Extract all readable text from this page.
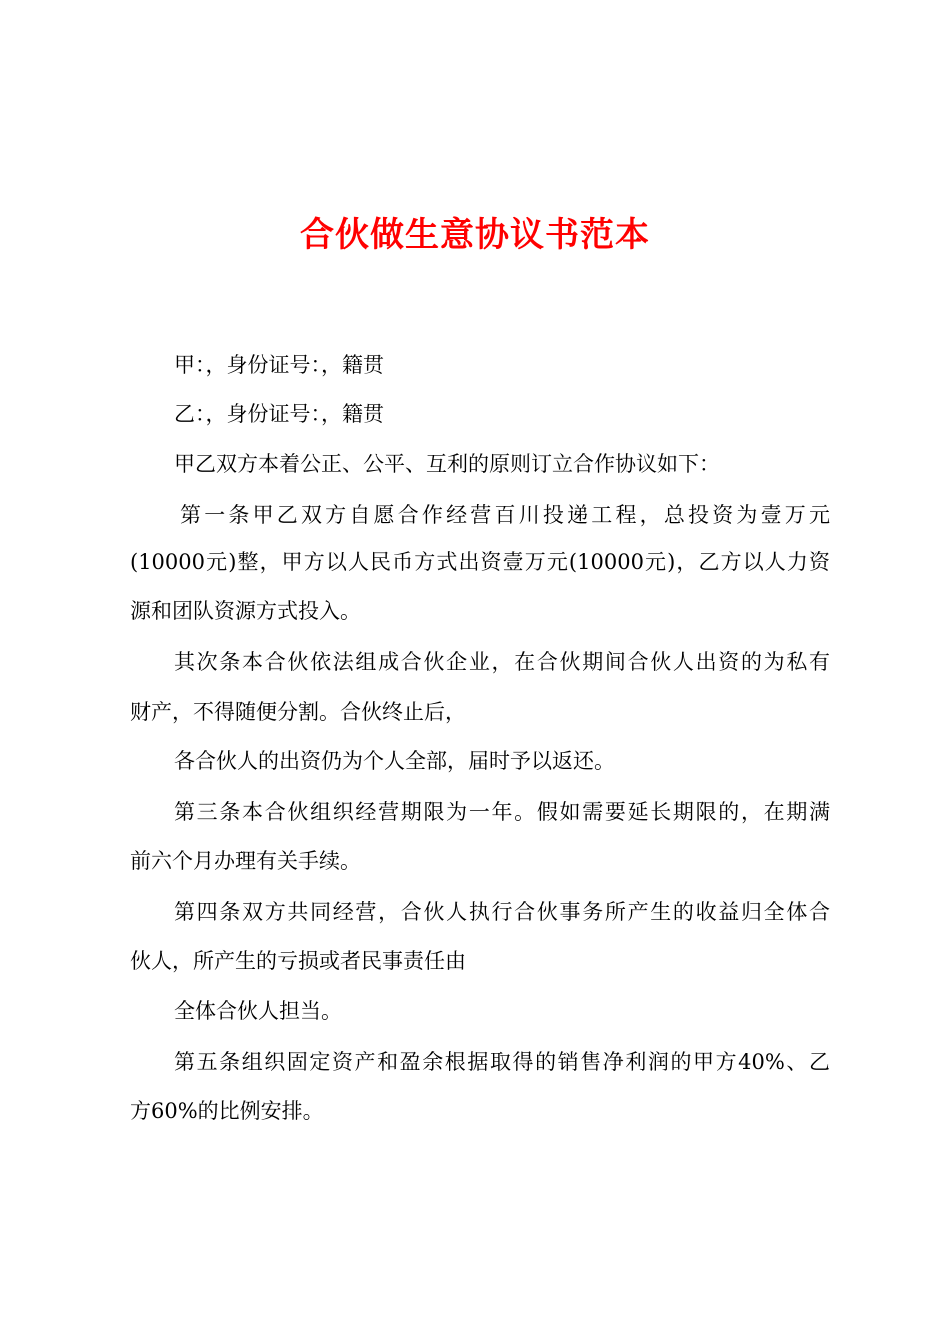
合伙做生意协议书范本
甲：，身份证号：，籍贯
乙：，身份证号：，籍贯
甲乙双方本着公正、公平、互利的原则订立合作协议如下：
第一条甲乙双方自愿合作经营百川投递工程，总投资为壹万元
(10000元)整，甲方以人民币方式出资壹万元(10000元)，乙方以人力资
源和团队资源方式投入。
其次条本合伙依法组成合伙企业，在合伙期间合伙人出资的为私有
财产，不得随便分割。合伙终止后，
各合伙人的出资仍为个人全部，届时予以返还。
第三条本合伙组织经营期限为一年。假如需要延长期限的，在期满
前六个月办理有关手续。
第四条双方共同经营，合伙人执行合伙事务所产生的收益归全体合
伙人，所产生的亏损或者民事责任由
全体合伙人担当。
第五条组织固定资产和盈余根据取得的销售净利润的甲方40%、乙
方60%的比例安排。
